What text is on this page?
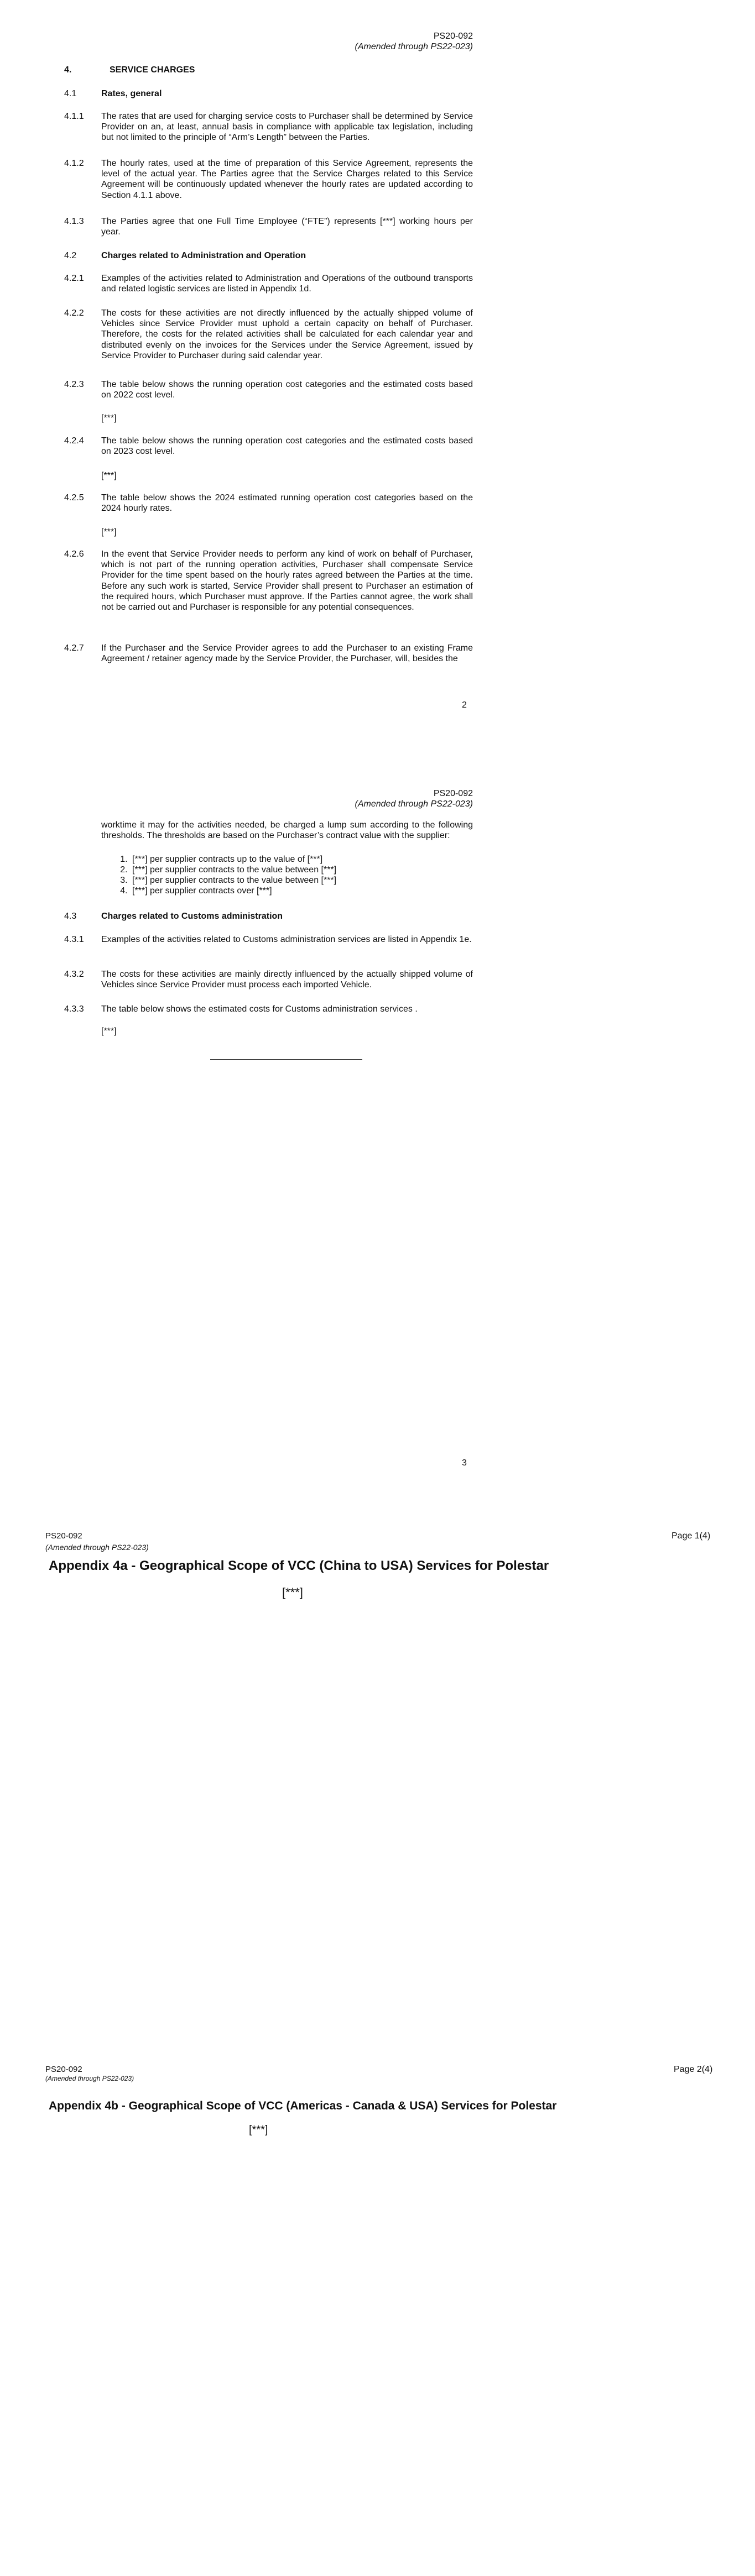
PS20-092
(Amended through PS22-023)
4.	SERVICE CHARGES
4.1	Rates, general
4.1.1 The rates that are used for charging service costs to Purchaser shall be determined by Service Provider on an, at least, annual basis in compliance with applicable tax legislation, including but not limited to the principle of “Arm’s Length” between the Parties.
4.1.2 The hourly rates, used at the time of preparation of this Service Agreement, represents the level of the actual year. The Parties agree that the Service Charges related to this Service Agreement will be continuously updated whenever the hourly rates are updated according to Section 4.1.1 above.
4.1.3 The Parties agree that one Full Time Employee (“FTE”) represents [***] working hours per year.
4.2	Charges related to Administration and Operation
4.2.1 Examples of the activities related to Administration and Operations of the outbound transports and related logistic services are listed in Appendix 1d.
4.2.2 The costs for these activities are not directly influenced by the actually shipped volume of Vehicles since Service Provider must uphold a certain capacity on behalf of Purchaser. Therefore, the costs for the related activities shall be calculated for each calendar year and distributed evenly on the invoices for the Services under the Service Agreement, issued by Service Provider to Purchaser during said calendar year.
4.2.3 The table below shows the running operation cost categories and the estimated costs based on 2022 cost level.
[***]
4.2.4 The table below shows the running operation cost categories and the estimated costs based on 2023 cost level.
[***]
4.2.5 The table below shows the 2024 estimated running operation cost categories based on the 2024 hourly rates.
[***]
4.2.6 In the event that Service Provider needs to perform any kind of work on behalf of Purchaser, which is not part of the running operation activities, Purchaser shall compensate Service Provider for the time spent based on the hourly rates agreed between the Parties at the time. Before any such work is started, Service Provider shall present to Purchaser an estimation of the required hours, which Purchaser must approve. If the Parties cannot agree, the work shall not be carried out and Purchaser is responsible for any potential consequences.
4.2.7 If the Purchaser and the Service Provider agrees to add the Purchaser to an existing Frame Agreement / retainer agency made by the Service Provider, the Purchaser, will, besides the
2
PS20-092
(Amended through PS22-023)
worktime it may for the activities needed, be charged a lump sum according to the following thresholds. The thresholds are based on the Purchaser’s contract value with the supplier:
1. [***] per supplier contracts up to the value of [***]
2. [***] per supplier contracts to the value between [***]
3. [***] per supplier contracts to the value between [***]
4. [***] per supplier contracts over [***]
4.3	Charges related to Customs administration
4.3.1 Examples of the activities related to Customs administration services are listed in Appendix 1e.
4.3.2 The costs for these activities are mainly directly influenced by the actually shipped volume of Vehicles since Service Provider must process each imported Vehicle.
4.3.3 The table below shows the estimated costs for Customs administration services .
[***]
3
PS20-092
(Amended through PS22-023)
Page 1(4)
Appendix 4a - Geographical Scope of VCC (China to USA) Services for Polestar
[***]
PS20-092
(Amended through PS22-023)
Page 2(4)
Appendix 4b - Geographical Scope of VCC (Americas - Canada & USA) Services for Polestar
[***]
